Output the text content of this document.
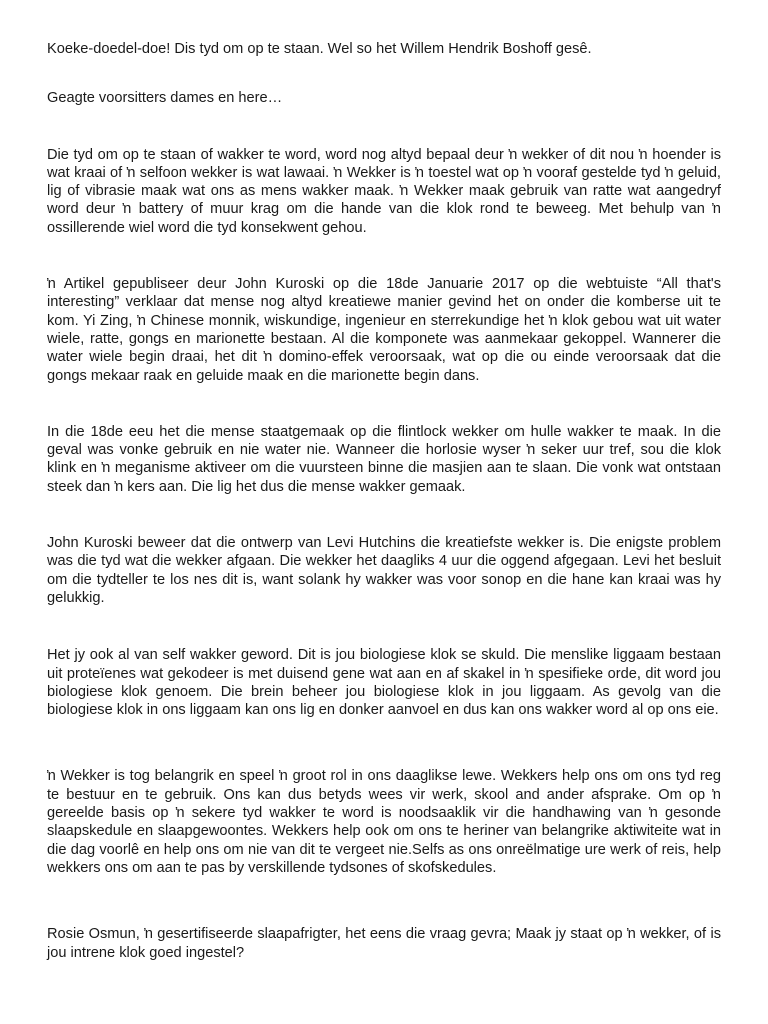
Koeke-doedel-doe! Dis tyd om op te staan. Wel so het Willem Hendrik Boshoff gesê.

Geagte voorsitters dames en here…

Die tyd om op te staan of wakker te word, word nog altyd bepaal deur ŉ wekker of dit nou ŉ hoender is wat kraai of ŉ selfoon wekker is wat lawaai. ŉ Wekker is ŉ toestel wat op ŉ vooraf gestelde tyd ŉ geluid, lig of vibrasie maak wat ons as mens wakker maak. ŉ Wekker maak gebruik van ratte wat aangedryf word deur ŉ battery of muur krag om die hande van die klok rond te beweeg. Met behulp van ŉ ossillerende wiel word die tyd konsekwent gehou.

ŉ Artikel gepubliseer deur John Kuroski op die 18de Januarie 2017 op die webtuiste “All that's interesting” verklaar dat mense nog altyd kreatiewe manier gevind het on onder die komberse uit te kom. Yi Zing, ŉ Chinese monnik, wiskundige, ingenieur en sterrekundige het ŉ klok gebou wat uit water wiele, ratte, gongs en marionette bestaan. Al die komponete was aanmekaar gekoppel. Wannerer die water wiele begin draai, het dit ŉ domino-effek veroorsaak, wat op die ou einde veroorsaak dat die gongs mekaar raak en geluide maak en die marionette begin dans.

In die 18de eeu het die mense staatgemaak op die flintlock wekker om hulle wakker te maak. In die geval was vonke gebruik en nie water nie. Wanneer die horlosie wyser ŉ seker uur tref, sou die klok klink en ŉ meganisme aktiveer om die vuursteen binne die masjien aan te slaan. Die vonk wat ontstaan steek dan ŉ kers aan. Die lig het dus die mense wakker gemaak.

John Kuroski beweer dat die ontwerp van Levi Hutchins die kreatiefste wekker is. Die enigste problem was die tyd wat die wekker afgaan. Die wekker het daagliks 4 uur die oggend afgegaan. Levi het besluit om die tydteller te los nes dit is, want solank hy wakker was voor sonop en die hane kan kraai was hy gelukkig.

Het jy ook al van self wakker geword. Dit is jou biologiese klok se skuld. Die menslike liggaam bestaan uit proteïenes wat gekodeer is met duisend gene wat aan en af skakel in ŉ spesifieke orde, dit word jou biologiese klok genoem. Die brein beheer jou biologiese klok in jou liggaam. As gevolg van die biologiese klok in ons liggaam kan ons lig en donker aanvoel en dus kan ons wakker word al op ons eie.

ŉ Wekker is tog belangrik en speel ŉ groot rol in ons daaglikse lewe. Wekkers help ons om ons tyd reg te bestuur en te gebruik. Ons kan dus betyds wees vir werk, skool and ander afsprake. Om op ŉ gereelde basis op ŉ sekere tyd wakker te word is noodsaaklik vir die handhawing van ŉ gesonde slaapskedule en slaapgewoontes. Wekkers help ook om ons te heriner van belangrike aktiwiteite wat in die dag voorlê en help ons om nie van dit te vergeet nie.Selfs as ons onreëlmatige ure werk of reis, help wekkers ons om aan te pas by verskillende tydsones of skofskedules.

Rosie Osmun, ŉ gesertifiseerde slaapafrigter, het eens die vraag gevra; Maak jy staat op ŉ wekker, of is jou intrene klok goed ingestel?
